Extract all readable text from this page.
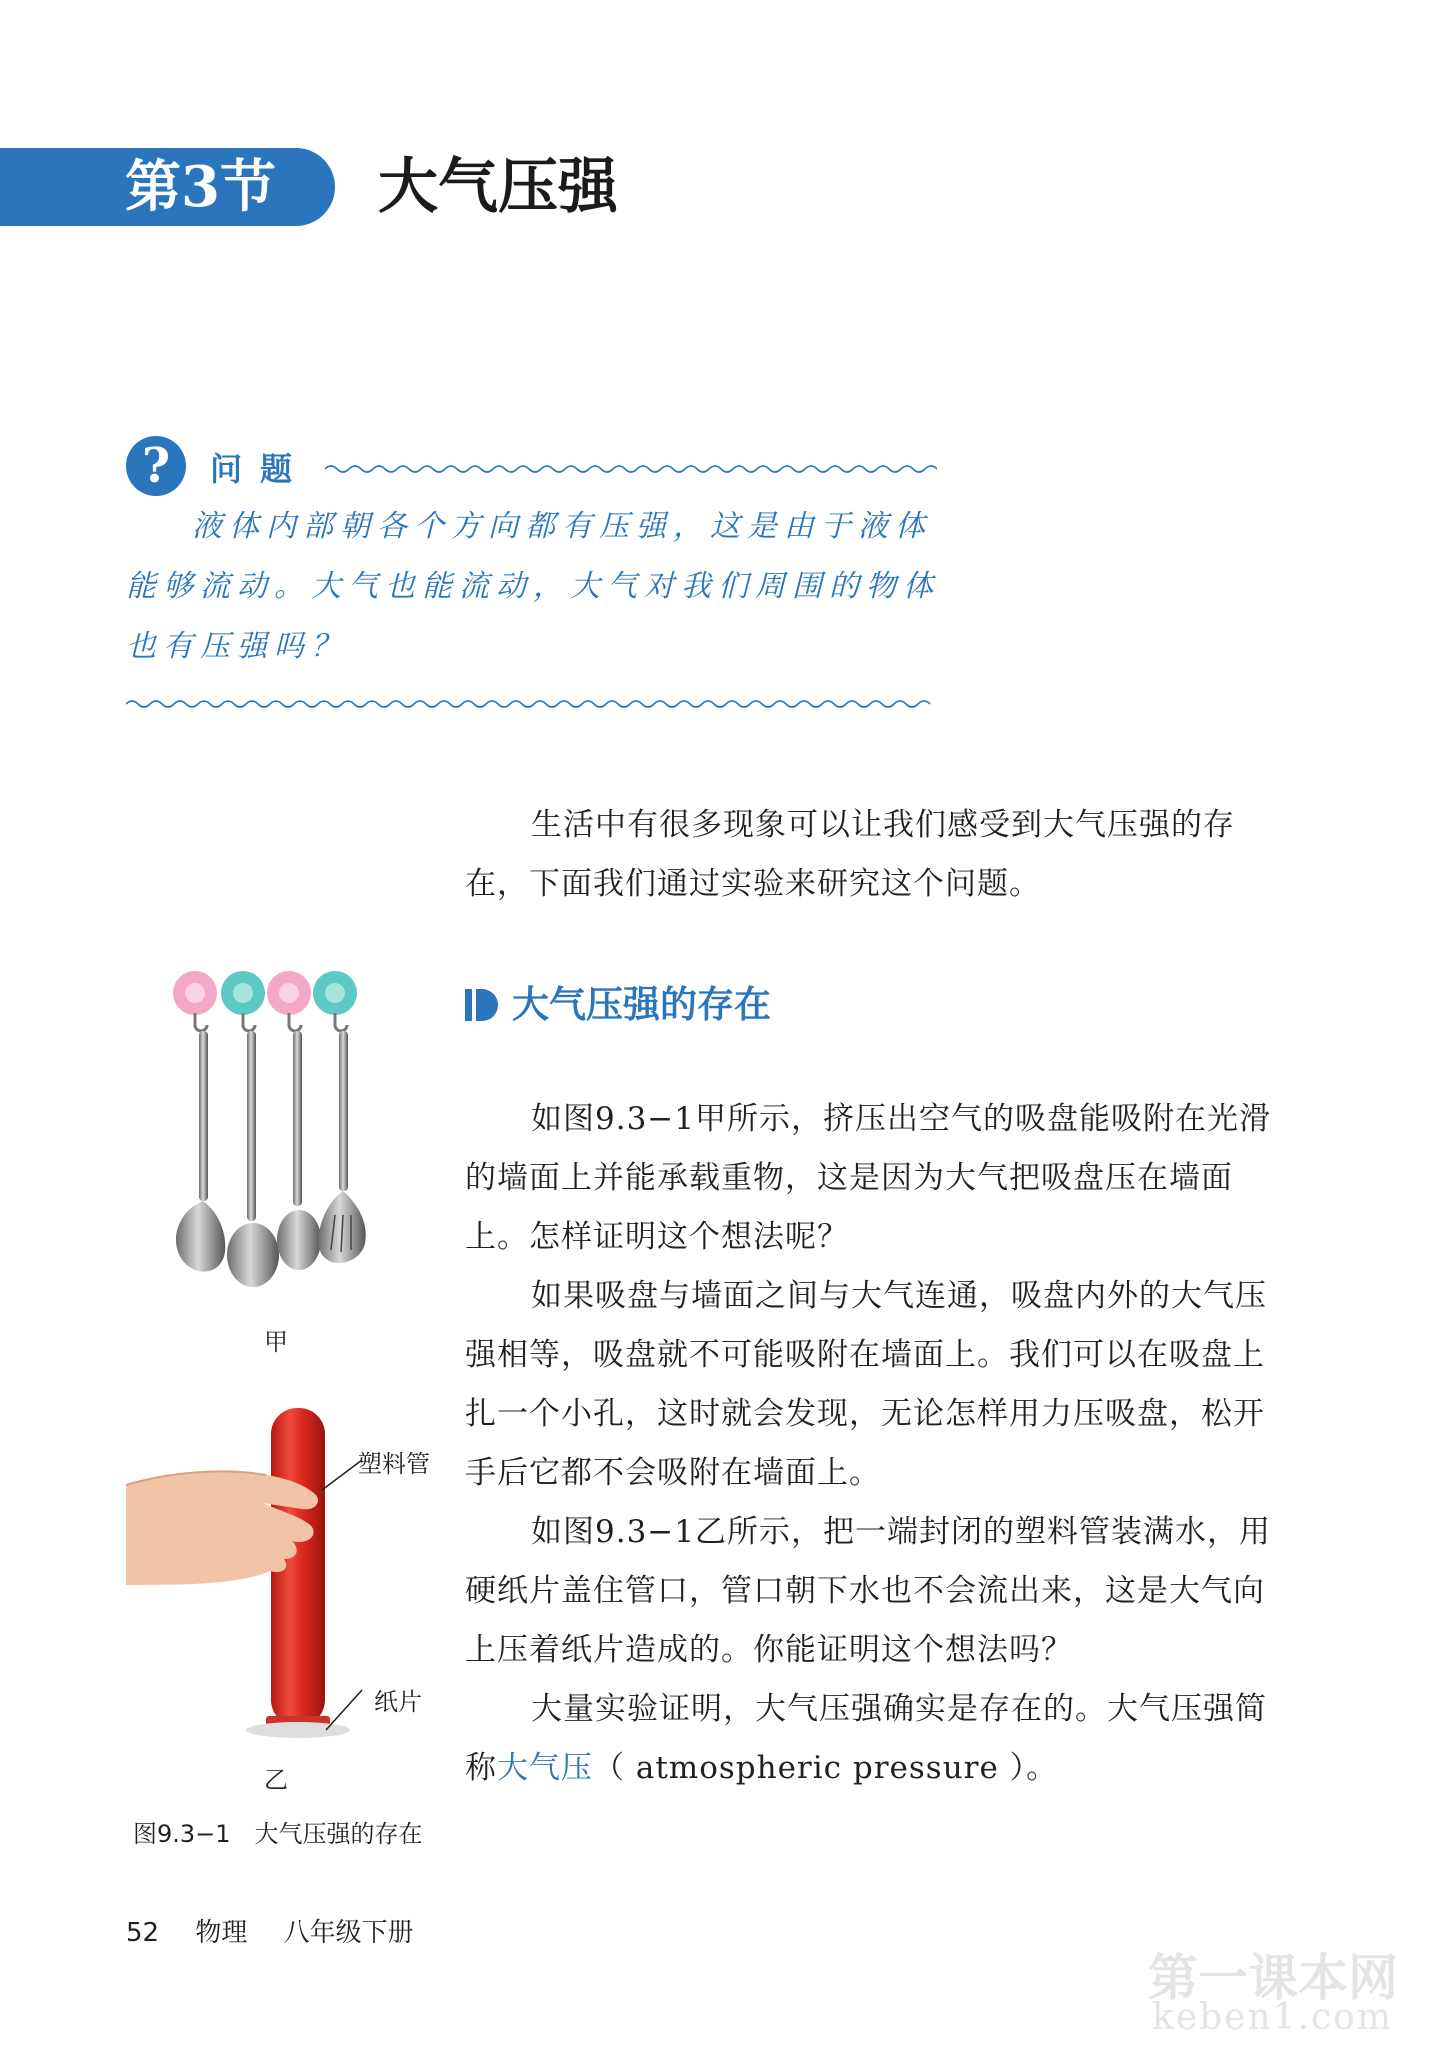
第3节 大气压强
?	问题

液体内部朝各个方向都有压强，这是由于液体能够流动。大气也能流动，大气对我们周围的物体也有压强吗？

生活中有很多现象可以让我们感受到大气压强的存在，下面我们通过实验来研究这个问题。

大气压强的存在

如图9.3−1甲所示，挤压出空气的吸盘能吸附在光滑的墙面上并能承载重物，这是因为大气把吸盘压在墙面上。怎样证明这个想法呢？

如果吸盘与墙面之间与大气连通，吸盘内外的大气压强相等，吸盘就不可能吸附在墙面上。我们可以在吸盘上扎一个小孔，这时就会发现，无论怎样用力压吸盘，松开手后它都不会吸附在墙面上。

如图9.3−1乙所示，把一端封闭的塑料管装满水，用硬纸片盖住管口，管口朝下水也不会流出来，这是大气向上压着纸片造成的。你能证明这个想法吗？

大量实验证明，大气压强确实是存在的。大气压强简称大气压（ atmospheric pressure ）。

甲
塑料管
纸片
乙
图9.3−1　大气压强的存在
52 物理 八年级下册
第一课本网
keben1.com
